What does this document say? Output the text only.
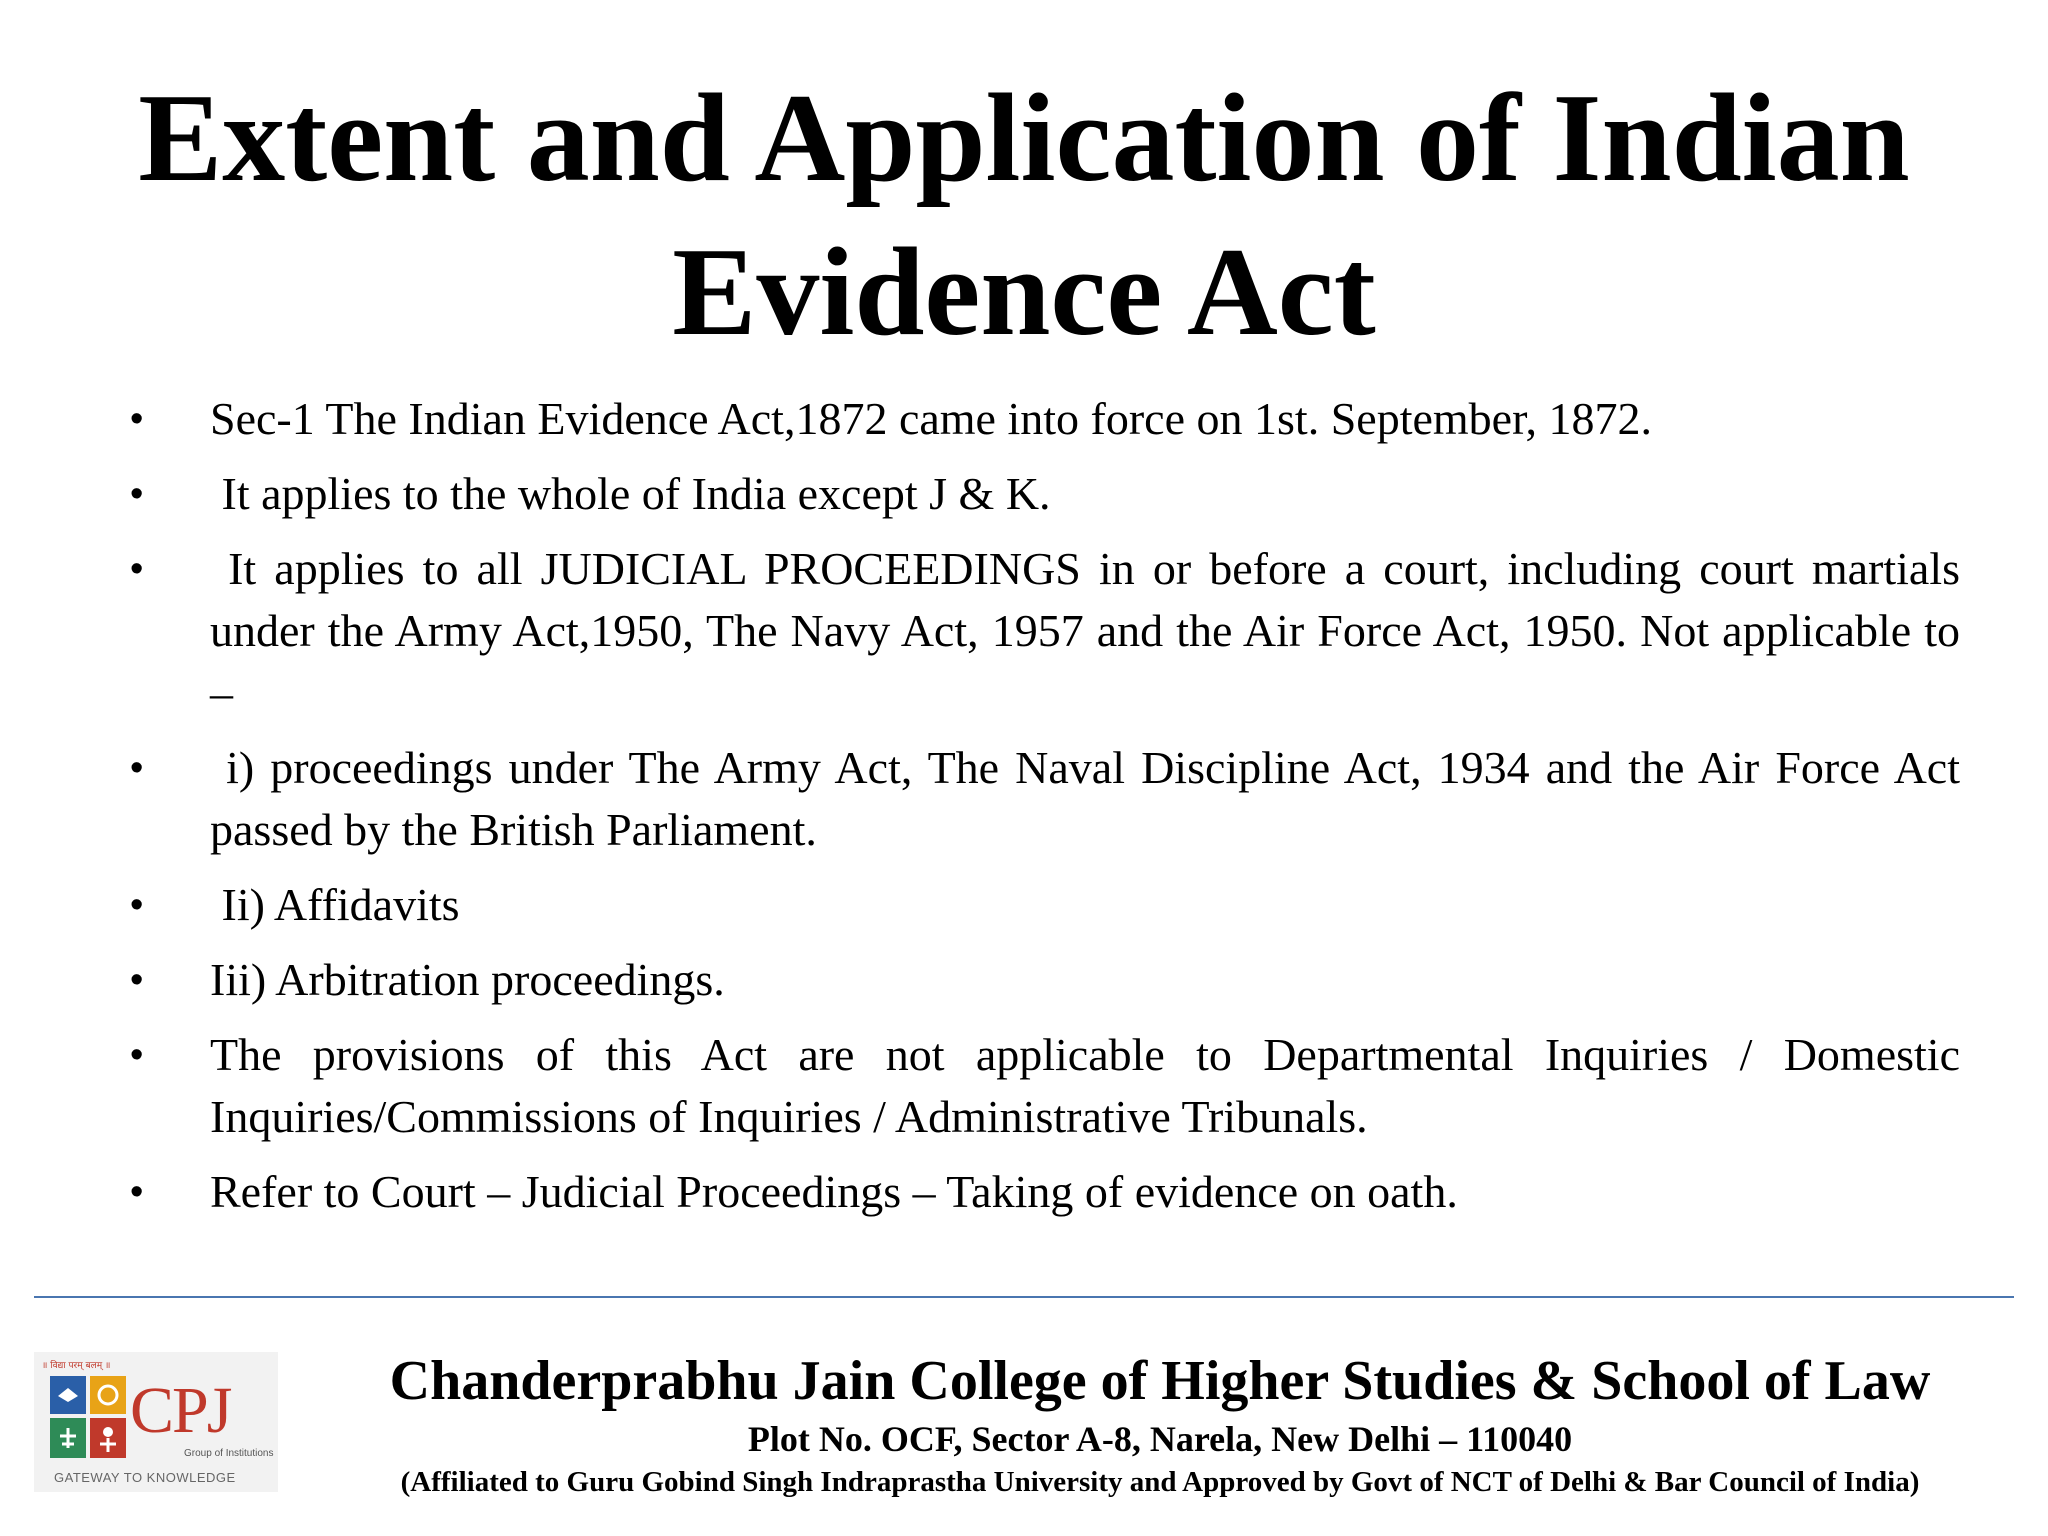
Extent and Application of Indian Evidence Act
• Sec-1 The Indian Evidence Act,1872 came into force on 1st. September, 1872.
• It applies to the whole of India except J & K.
• It applies to all JUDICIAL PROCEEDINGS in or before a court, including court martials under the Army Act,1950, The Navy Act, 1957 and the Air Force Act, 1950. Not applicable to –
• i) proceedings under The Army Act, The Naval Discipline Act, 1934 and the Air Force Act passed by the British Parliament.
• Ii) Affidavits
• Iii) Arbitration proceedings.
• The provisions of this Act are not applicable to Departmental Inquiries / Domestic Inquiries/Commissions of Inquiries / Administrative Tribunals.
• Refer to Court – Judicial Proceedings – Taking of evidence on oath.
॥ विद्या परम् बलम् ॥
CPJ
Group of Institutions
GATEWAY TO KNOWLEDGE
Chanderprabhu Jain College of Higher Studies & School of Law
Plot No. OCF, Sector A-8, Narela, New Delhi – 110040
(Affiliated to Guru Gobind Singh Indraprastha University and Approved by Govt of NCT of Delhi & Bar Council of India)
